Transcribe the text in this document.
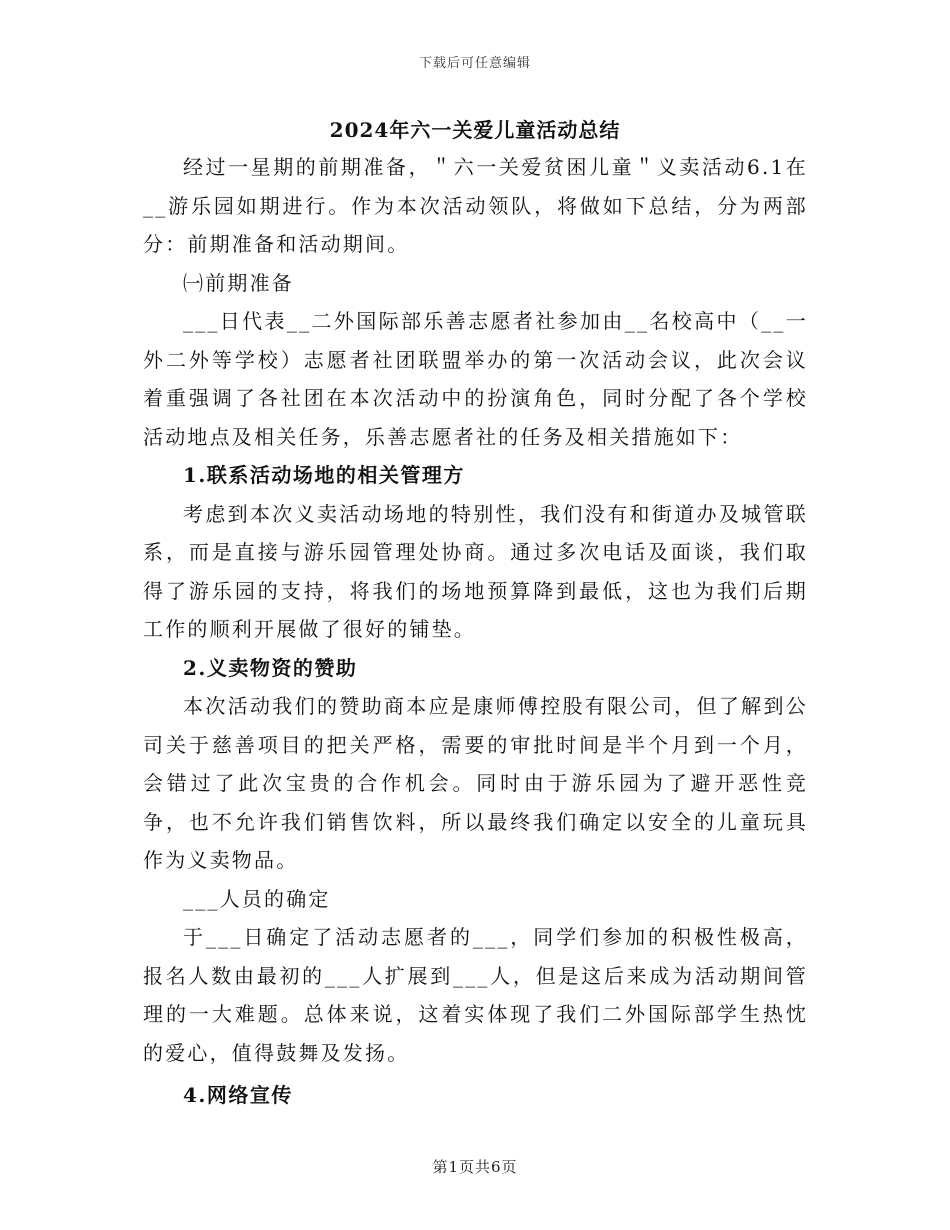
下载后可任意编辑
2024年六一关爱儿童活动总结

经过一星期的前期准备，＂六一关爱贫困儿童＂义卖活动6.1在__游乐园如期进行。作为本次活动领队，将做如下总结，分为两部分：前期准备和活动期间。

㈠前期准备

___日代表__二外国际部乐善志愿者社参加由__名校高中（__一外二外等学校）志愿者社团联盟举办的第一次活动会议，此次会议着重强调了各社团在本次活动中的扮演角色，同时分配了各个学校活动地点及相关任务，乐善志愿者社的任务及相关措施如下：

1.联系活动场地的相关管理方

考虑到本次义卖活动场地的特别性，我们没有和街道办及城管联系，而是直接与游乐园管理处协商。通过多次电话及面谈，我们取得了游乐园的支持，将我们的场地预算降到最低，这也为我们后期工作的顺利开展做了很好的铺垫。

2.义卖物资的赞助

本次活动我们的赞助商本应是康师傅控股有限公司，但了解到公司关于慈善项目的把关严格，需要的审批时间是半个月到一个月，会错过了此次宝贵的合作机会。同时由于游乐园为了避开恶性竞争，也不允许我们销售饮料，所以最终我们确定以安全的儿童玩具作为义卖物品。

___人员的确定

于___日确定了活动志愿者的___，同学们参加的积极性极高，报名人数由最初的___人扩展到___人，但是这后来成为活动期间管理的一大难题。总体来说，这着实体现了我们二外国际部学生热忱的爱心，值得鼓舞及发扬。

4.网络宣传

第1页共6页
